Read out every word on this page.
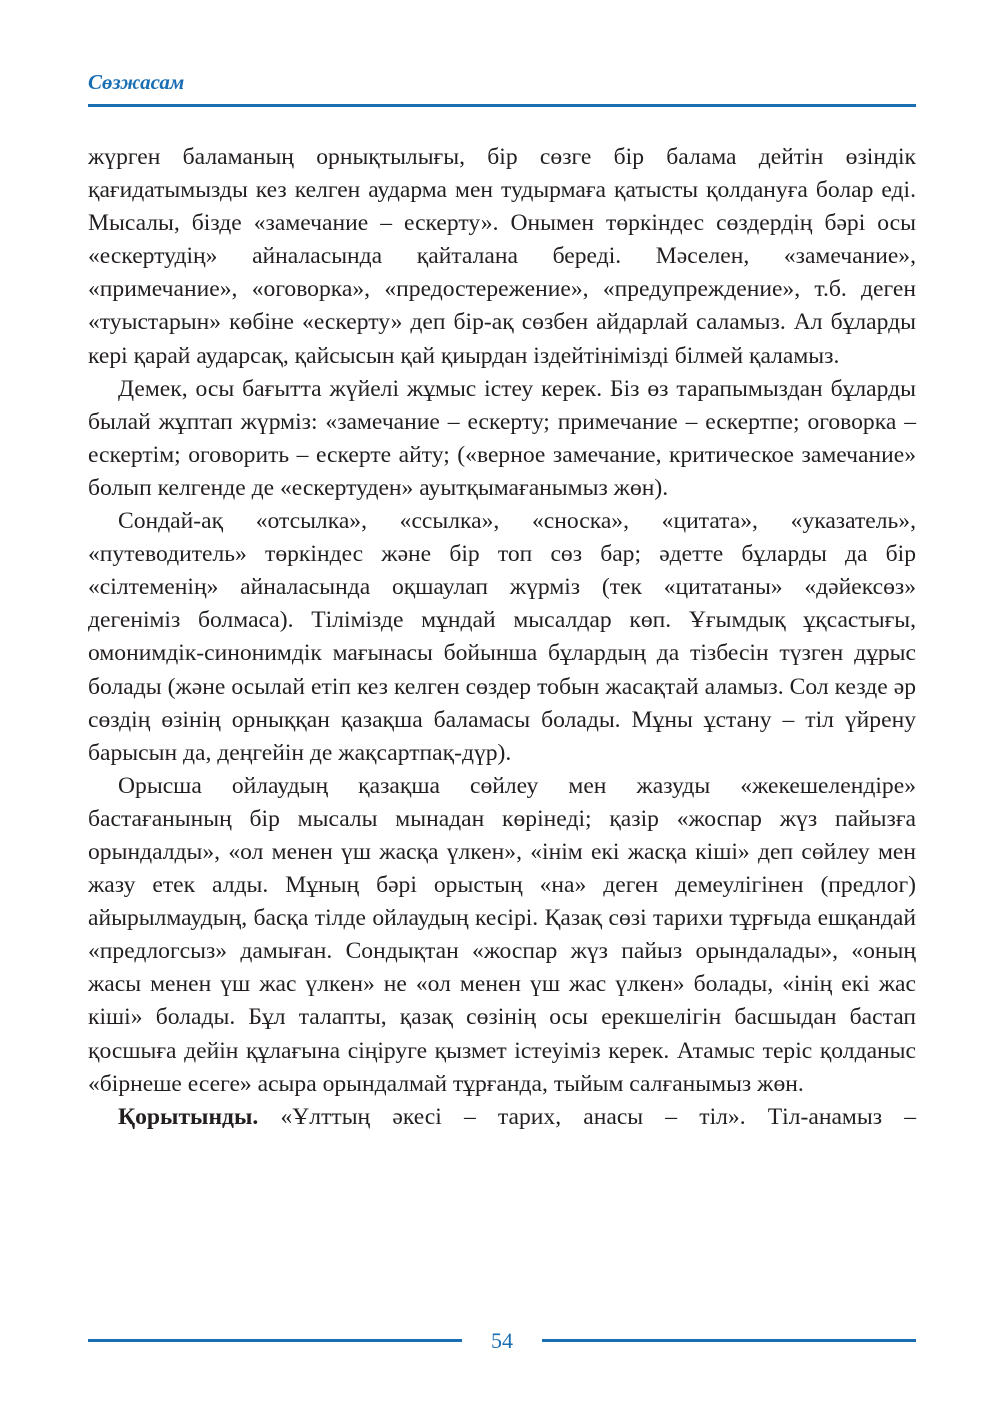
Сөзжасам

жүрген баламаның орнықтылығы, бір сөзге бір балама дейтін өзіндік қағидатымызды кез келген аударма мен тудырмаға қатысты қолдануға болар еді. Мысалы, бізде «замечание – ескерту». Онымен төркіндес сөздердің бәрі осы «ескертудің» айналасында қайталана береді. Мәселен, «замечание», «примечание», «оговорка», «предостережение», «предупреждение», т.б. деген «туыстарын» көбіне «ескерту» деп бір-ақ сөзбен айдарлай саламыз. Ал бұларды кері қарай аударсақ, қайсысын қай қиырдан іздейтінімізді білмей қаламыз.

Демек, осы бағытта жүйелі жұмыс істеу керек. Біз өз тарапымыздан бұларды былай жұптап жүрміз: «замечание – ескерту; примечание – ескертпе; оговорка – ескертім; оговорить – ескерте айту; («верное замечание, критическое замечание» болып келгенде де «ескертуден» ауытқымағанымыз жөн).

Сондай-ақ «отсылка», «ссылка», «сноска», «цитата», «указатель», «путеводитель» төркіндес және бір топ сөз бар; әдетте бұларды да бір «сілтеменің» айналасында оқшаулап жүрміз (тек «цитатаны» «дәйексөз» дегеніміз болмаса). Тілімізде мұндай мысалдар көп. Ұғымдық ұқсастығы, омонимдік-синонимдік мағынасы бойынша бұлардың да тізбесін түзген дұрыс болады (және осылай етіп кез келген сөздер тобын жасақтай аламыз. Сол кезде әр сөздің өзінің орныққан қазақша баламасы болады. Мұны ұстану – тіл үйрену барысын да, деңгейін де жақсартпақ-дүр).

Орысша ойлаудың қазақша сөйлеу мен жазуды «жекешелендіре» бастағанының бір мысалы мынадан көрінеді; қазір «жоспар жүз пайызға орындалды», «ол менен үш жасқа үлкен», «інім екі жасқа кіші» деп сөйлеу мен жазу етек алды. Мұның бәрі орыстың «на» деген демеулігінен (предлог) айырылмаудың, басқа тілде ойлаудың кесірі. Қазақ сөзі тарихи тұрғыда ешқандай «предлогсыз» дамыған. Сондықтан «жоспар жүз пайыз орындалады», «оның жасы менен үш жас үлкен» не «ол менен үш жас үлкен» болады, «інің екі жас кіші» болады. Бұл талапты, қазақ сөзінің осы ерекшелігін басшыдан бастап қосшыға дейін құлағына сіңіруге қызмет істеуіміз керек. Атамыс теріс қолданыс «бірнеше есеге» асыра орындалмай тұрғанда, тыйым салғанымыз жөн.

Қорытынды. «Ұлттың әкесі – тарих, анасы – тіл». Тіл-анамыз –

54
